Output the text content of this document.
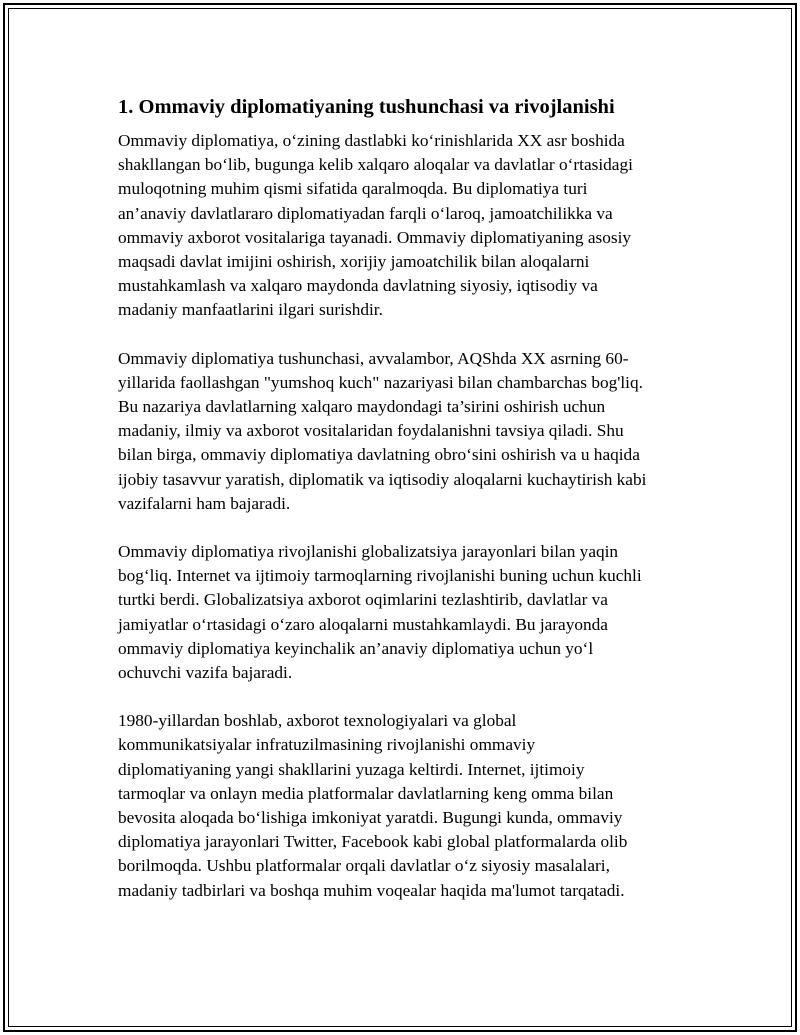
1. Ommaviy diplomatiyaning tushunchasi va rivojlanishi

Ommaviy diplomatiya, o‘zining dastlabki ko‘rinishlarida XX asr boshida
shakllangan bo‘lib, bugunga kelib xalqaro aloqalar va davlatlar o‘rtasidagi
muloqotning muhim qismi sifatida qaralmoqda. Bu diplomatiya turi
an’anaviy davlatlararo diplomatiyadan farqli o‘laroq, jamoatchilikka va
ommaviy axborot vositalariga tayanadi. Ommaviy diplomatiyaning asosiy
maqsadi davlat imijini oshirish, xorijiy jamoatchilik bilan aloqalarni
mustahkamlash va xalqaro maydonda davlatning siyosiy, iqtisodiy va
madaniy manfaatlarini ilgari surishdir.

Ommaviy diplomatiya tushunchasi, avvalambor, AQShda XX asrning 60-
yillarida faollashgan "yumshoq kuch" nazariyasi bilan chambarchas bog'liq.
Bu nazariya davlatlarning xalqaro maydondagi ta’sirini oshirish uchun
madaniy, ilmiy va axborot vositalaridan foydalanishni tavsiya qiladi. Shu
bilan birga, ommaviy diplomatiya davlatning obro‘sini oshirish va u haqida
ijobiy tasavvur yaratish, diplomatik va iqtisodiy aloqalarni kuchaytirish kabi
vazifalarni ham bajaradi.

Ommaviy diplomatiya rivojlanishi globalizatsiya jarayonlari bilan yaqin
bog‘liq. Internet va ijtimoiy tarmoqlarning rivojlanishi buning uchun kuchli
turtki berdi. Globalizatsiya axborot oqimlarini tezlashtirib, davlatlar va
jamiyatlar o‘rtasidagi o‘zaro aloqalarni mustahkamlaydi. Bu jarayonda
ommaviy diplomatiya keyinchalik an’anaviy diplomatiya uchun yo‘l
ochuvchi vazifa bajaradi.

1980-yillardan boshlab, axborot texnologiyalari va global
kommunikatsiyalar infratuzilmasining rivojlanishi ommaviy
diplomatiyaning yangi shakllarini yuzaga keltirdi. Internet, ijtimoiy
tarmoqlar va onlayn media platformalar davlatlarning keng omma bilan
bevosita aloqada bo‘lishiga imkoniyat yaratdi. Bugungi kunda, ommaviy
diplomatiya jarayonlari Twitter, Facebook kabi global platformalarda olib
borilmoqda. Ushbu platformalar orqali davlatlar o‘z siyosiy masalalari,
madaniy tadbirlari va boshqa muhim voqealar haqida ma'lumot tarqatadi.
